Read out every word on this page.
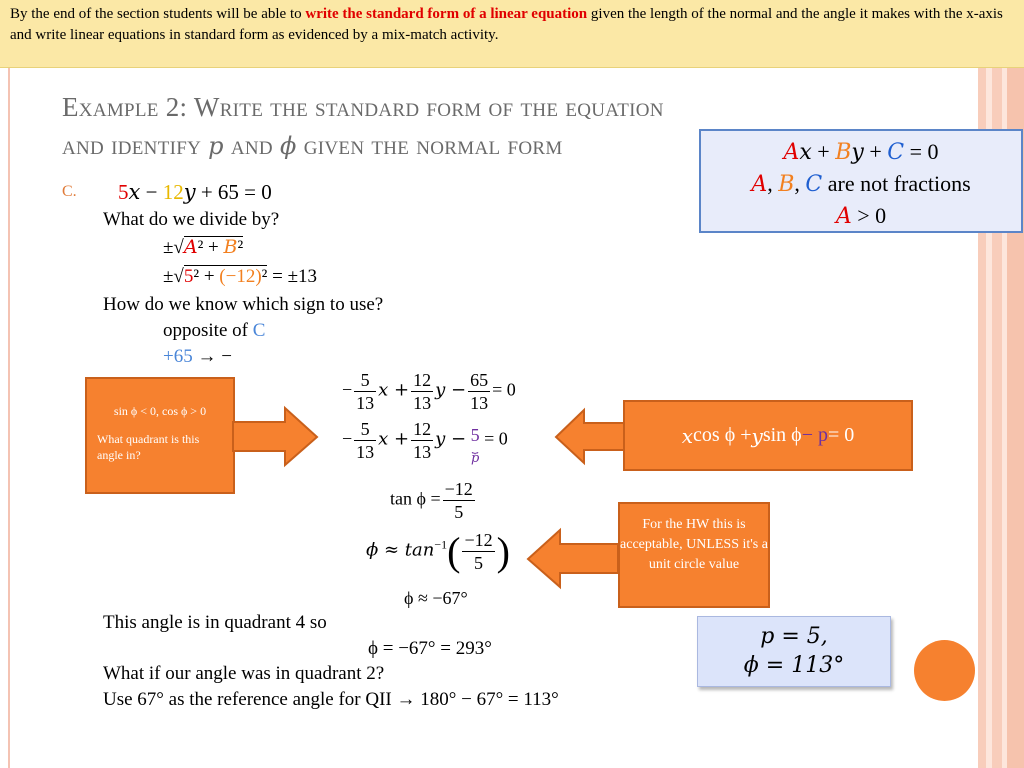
By the end of the section students will be able to write the standard form of a linear equation given the length of the normal and the angle it makes with the x-axis and write linear equations in standard form as evidenced by a mix-match activity.
Example 2: Write the standard form of the equation
and identify p and ϕ given the normal form	Ax + By + C = 0
A, B, C are not fractions
A > 0
C. 5x − 12y + 65 = 0
What do we divide by?
±√A² + B²
±√5² + (−12)² = ±13
How do we know which sign to use?
opposite of C
+65 → −
− $\frac{5}{13}$ $x + \frac{12}{13}$ $y - \frac{65}{13} = 0$
− $\frac{5}{13}$ $x + \frac{12}{13}$ y − 5
⏟
p
= 0
$\tan \phi = \frac{-12}{5}$
$\phi \approx \tan^{-1}( \frac{-12}{5}$ )
ϕ ≈ −67°
This angle is in quadrant 4 so
ϕ = −67° = 293°
What if our angle was in quadrant 2?
Use 67° as the reference angle for QII → 180° − 67° = 113°
sin ϕ < 0, cos ϕ > 0
What quadrant is this angle in?
x cos ϕ + y sin ϕ − p = 0
For the HW this is acceptable, UNLESS it's a unit circle value
p = 5,
ϕ = 113°
